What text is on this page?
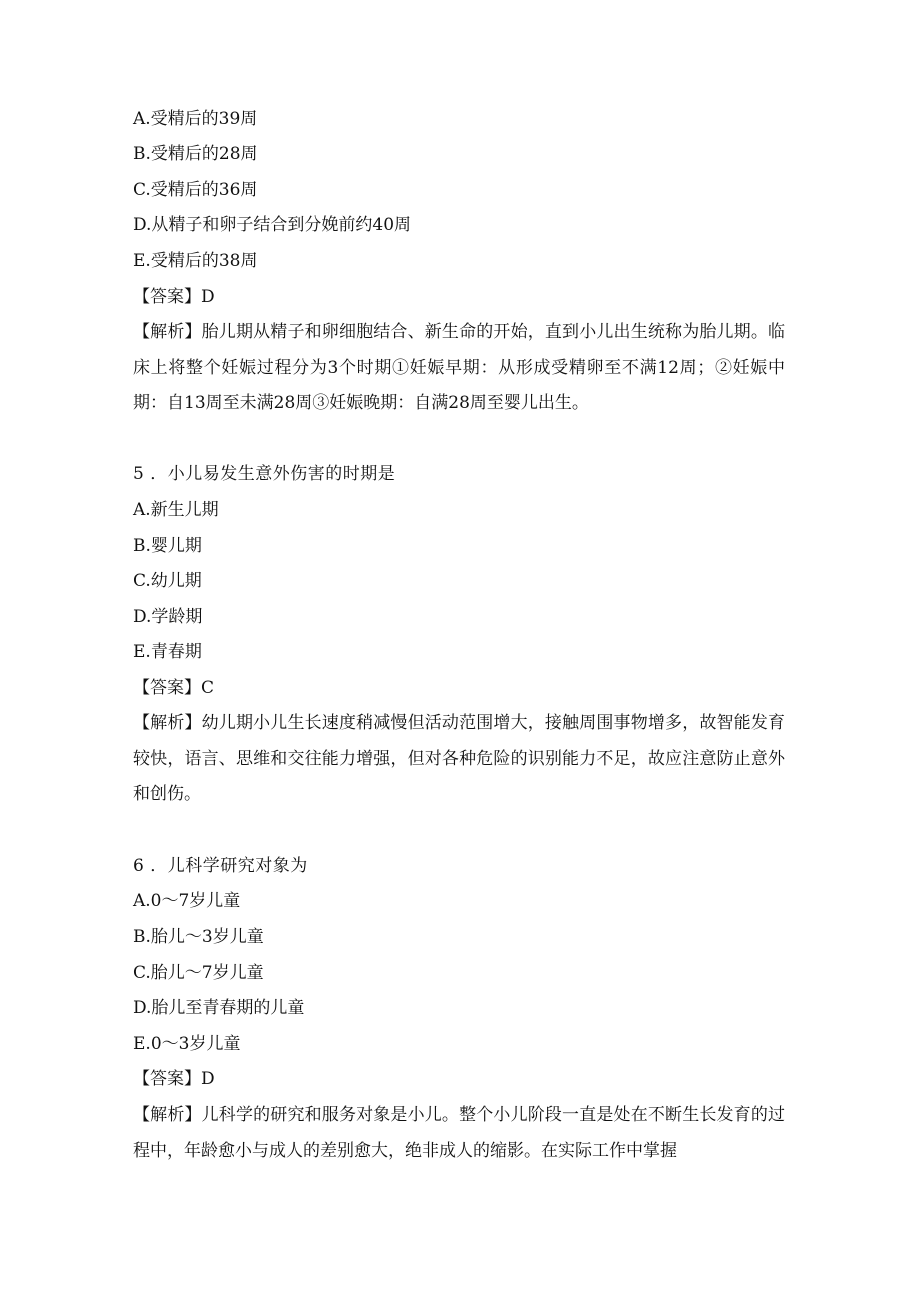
A.受精后的39周
B.受精后的28周
C.受精后的36周
D.从精子和卵子结合到分娩前约40周
E.受精后的38周
【答案】D
【解析】胎儿期从精子和卵细胞结合、新生命的开始，直到小儿出生统称为胎儿期。临床上将整个妊娠过程分为3个时期①妊娠早期：从形成受精卵至不满12周；②妊娠中期：自13周至未满28周③妊娠晚期：自满28周至婴儿出生。
5 ．小儿易发生意外伤害的时期是
A.新生儿期
B.婴儿期
C.幼儿期
D.学龄期
E.青春期
【答案】C
【解析】幼儿期小儿生长速度稍减慢但活动范围增大，接触周围事物增多，故智能发育较快，语言、思维和交往能力增强，但对各种危险的识别能力不足，故应注意防止意外和创伤。
6 ．儿科学研究对象为
A.0～7岁儿童
B.胎儿～3岁儿童
C.胎儿～7岁儿童
D.胎儿至青春期的儿童
E.0～3岁儿童
【答案】D
【解析】儿科学的研究和服务对象是小儿。整个小儿阶段一直是处在不断生长发育的过程中，年龄愈小与成人的差别愈大，绝非成人的缩影。在实际工作中掌握
